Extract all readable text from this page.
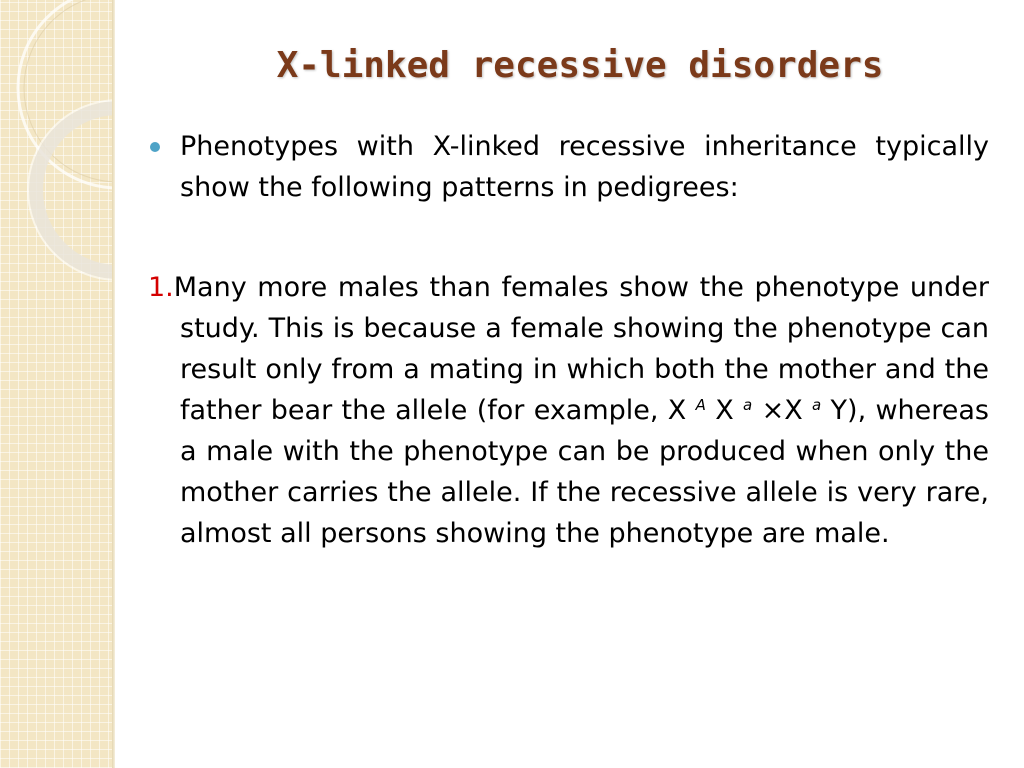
X-linked recessive disorders

Phenotypes with X-linked recessive inheritance typically show the following patterns in pedigrees:

1.Many more males than females show the phenotype under study. This is because a female showing the phenotype can result only from a mating in which both the mother and the father bear the allele (for example, X $^A$ X $^a$ ×X $^a$ Y), whereas a male with the phenotype can be produced when only the mother carries the allele. If the recessive allele is very rare, almost all persons showing the phenotype are male.
